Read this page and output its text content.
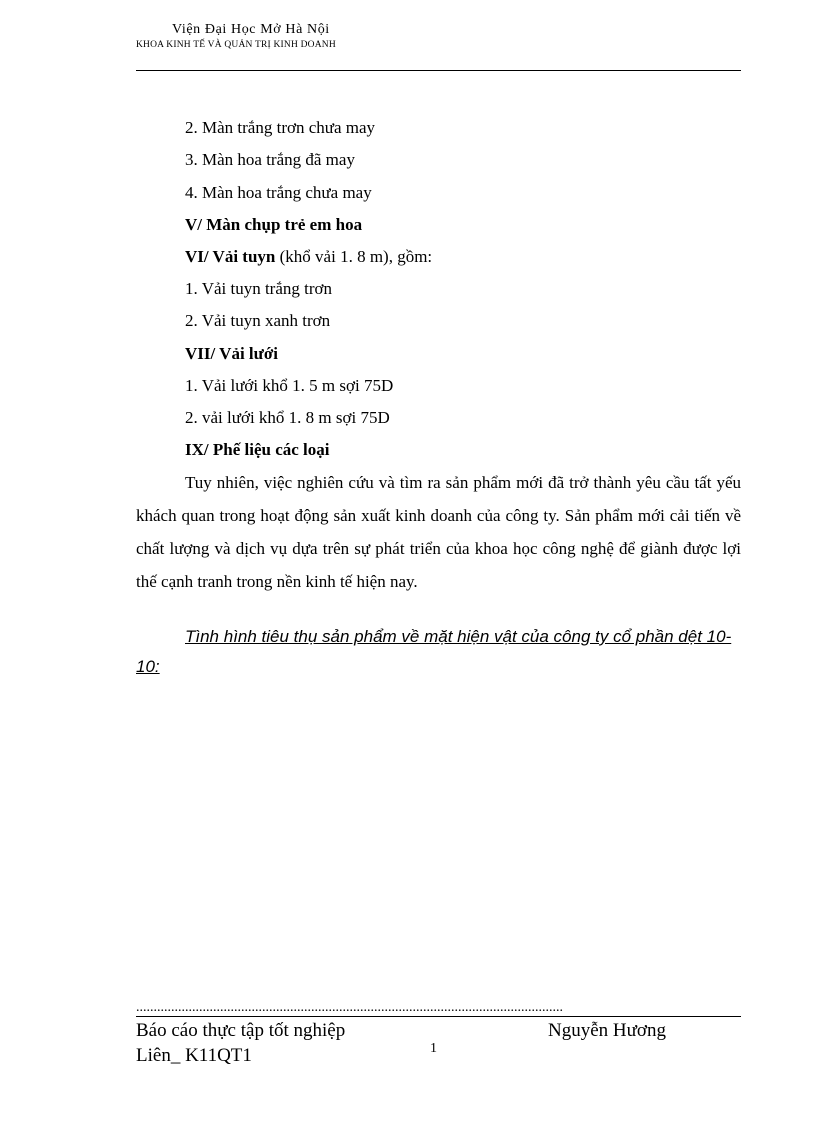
Viện Đại Học Mở Hà Nội
KHOA KINH TẾ VÀ QUẢN TRỊ KINH DOANH
2. Màn trắng trơn chưa may
3. Màn hoa trắng đã may
4. Màn hoa trắng chưa may
V/ Màn chụp trẻ em hoa
VI/ Vải tuyn (khổ vải 1. 8 m), gồm:
1. Vải tuyn trắng trơn
2. Vải tuyn xanh trơn
VII/ Vải lưới
1. Vải lưới khổ 1. 5 m sợi 75D
2. vải lưới khổ 1. 8 m sợi 75D
IX/ Phế liệu các loại
Tuy nhiên, việc nghiên cứu và tìm ra sản phẩm mới đã trở thành yêu cầu tất yếu khách quan trong hoạt động sản xuất kinh doanh của công ty. Sản phẩm mới cải tiến về chất lượng và dịch vụ dựa trên sự phát triển của khoa học công nghệ để giành được lợi thế cạnh tranh trong nền kinh tế hiện nay.
Tình hình tiêu thụ sản phẩm về mặt hiện vật của công ty cổ phần dệt 10-10:
..........................................................................................................................
Báo cáo thực tập tốt nghiệp
Liên_ K11QT1
Nguyễn Hương
1
